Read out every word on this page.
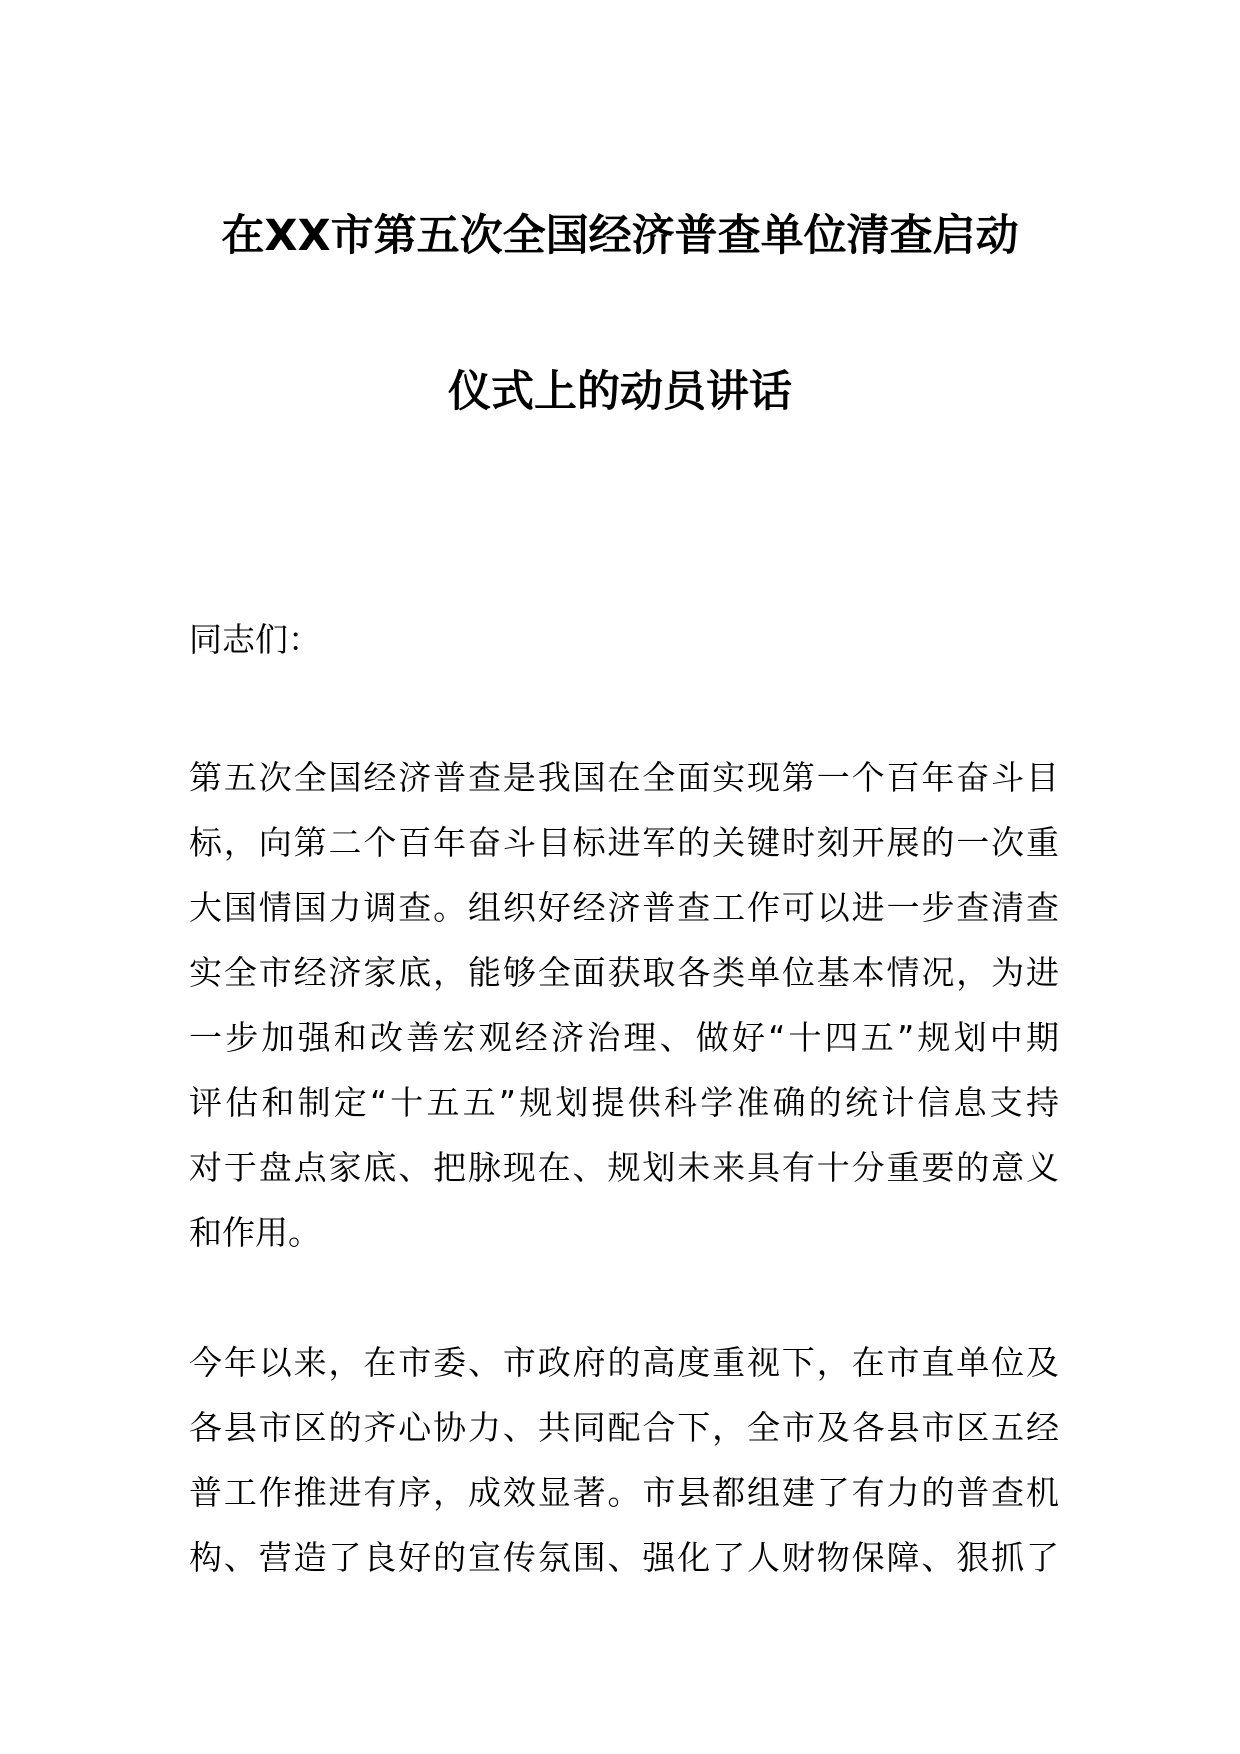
在XX市第五次全国经济普查单位清查启动
仪式上的动员讲话
同志们：
第五次全国经济普查是我国在全面实现第一个百年奋斗目
标，向第二个百年奋斗目标进军的关键时刻开展的一次重
大国情国力调查。组织好经济普查工作可以进一步查清查
实全市经济家底，能够全面获取各类单位基本情况，为进
一步加强和改善宏观经济治理、做好“十四五”规划中期
评估和制定“十五五”规划提供科学准确的统计信息支持
对于盘点家底、把脉现在、规划未来具有十分重要的意义
和作用。
今年以来，在市委、市政府的高度重视下，在市直单位及
各县市区的齐心协力、共同配合下，全市及各县市区五经
普工作推进有序，成效显著。市县都组建了有力的普查机
构、营造了良好的宣传氛围、强化了人财物保障、狠抓了
